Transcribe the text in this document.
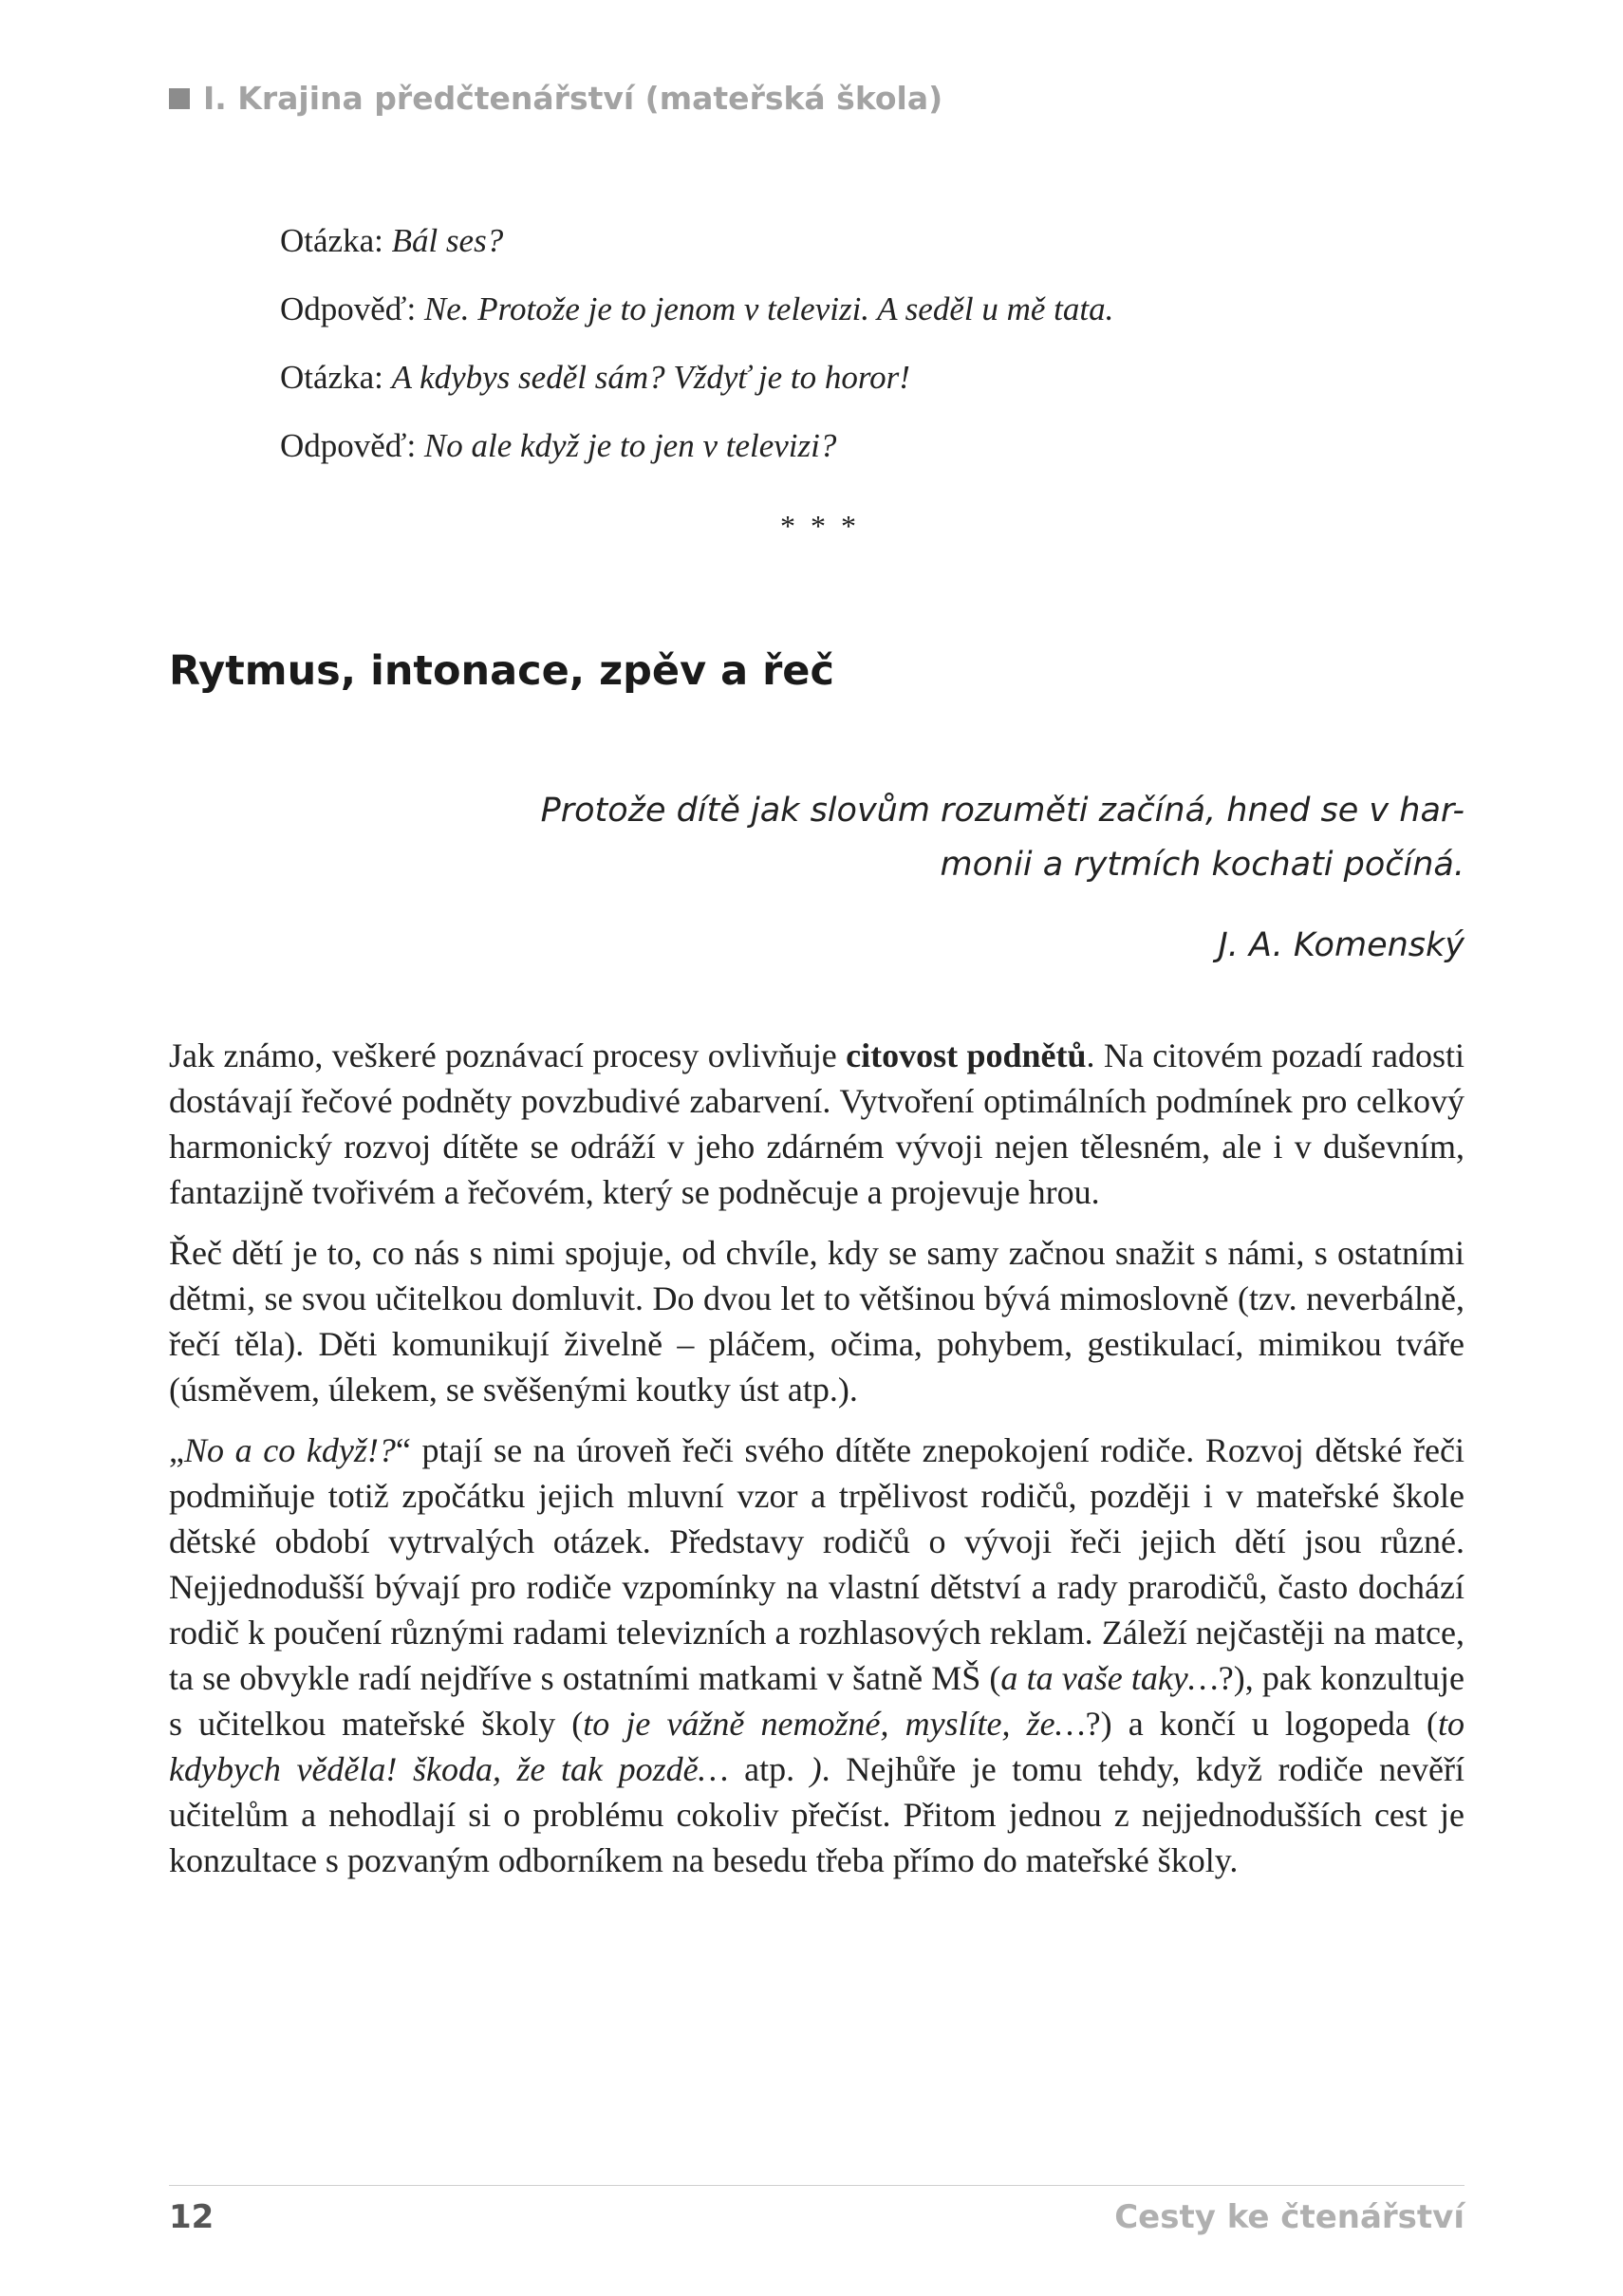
I. Krajina předčtenářství (mateřská škola)
Otázka: Bál ses?
Odpověď: Ne. Protože je to jenom v televizi. A seděl u mě tata.
Otázka: A kdybys seděl sám? Vždyť je to horor!
Odpověď: No ale když je to jen v televizi?
* * *
Rytmus, intonace, zpěv a řeč
Protože dítě jak slovům rozuměti začíná, hned se v har-
monii a rytmích kochati počíná.
J. A. Komenský

Jak známo, veškeré poznávací procesy ovlivňuje citovost podnětů. Na citovém pozadí radosti dostávají řečové podněty povzbudivé zabarvení. Vytvoření optimálních podmínek pro celkový harmonický rozvoj dítěte se odráží v jeho zdárném vývoji nejen tělesném, ale i v duševním, fantazijně tvořivém a řečovém, který se podněcuje a projevuje hrou.

Řeč dětí je to, co nás s nimi spojuje, od chvíle, kdy se samy začnou snažit s námi, s ostatními dětmi, se svou učitelkou domluvit. Do dvou let to většinou bývá mimoslovně (tzv. neverbálně, řečí těla). Děti komunikují živelně – pláčem, očima, pohybem, gestikulací, mimikou tváře (úsměvem, úlekem, se svěšenými koutky úst atp.).

„No a co když!?“ ptají se na úroveň řeči svého dítěte znepokojení rodiče. Rozvoj dětské řeči podmiňuje totiž zpočátku jejich mluvní vzor a trpělivost rodičů, později i v mateřské škole dětské období vytrvalých otázek. Představy rodičů o vývoji řeči jejich dětí jsou různé. Nejjednodušší bývají pro rodiče vzpomínky na vlastní dětství a rady prarodičů, často dochází rodič k poučení různými radami televizních a rozhlasových reklam. Záleží nejčastěji na matce, ta se obvykle radí nejdříve s ostatními matkami v šatně MŠ (a ta vaše taky…?), pak konzultuje s učitelkou mateřské školy (to je vážně nemožné, myslíte, že…?) a končí u logopeda (to kdybych věděla! škoda, že tak pozdě… atp. ). Nejhůře je tomu tehdy, když rodiče nevěří učitelům a nehodlají si o problému cokoliv přečíst. Přitom jednou z nejjednodušších cest je konzultace s pozvaným odborníkem na besedu třeba přímo do mateřské školy.

12	Cesty ke čtenářství
